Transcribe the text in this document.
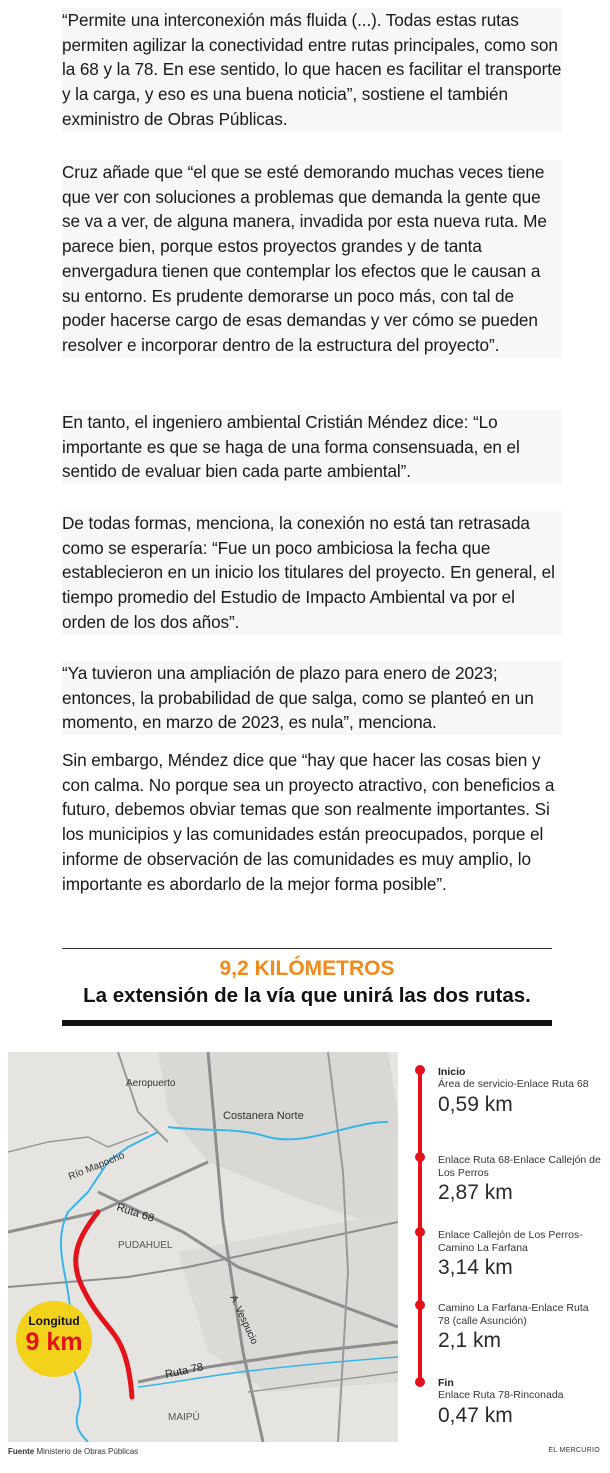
“Permite una interconexión más fluida (...). Todas estas rutas permiten agilizar la conectividad entre rutas principales, como son la 68 y la 78. En ese sentido, lo que hacen es facilitar el transporte y la carga, y eso es una buena noticia”, sostiene el también exministro de Obras Públicas.

Cruz añade que “el que se esté demorando muchas veces tiene que ver con soluciones a problemas que demanda la gente que se va a ver, de alguna manera, invadida por esta nueva ruta. Me parece bien, porque estos proyectos grandes y de tanta envergadura tienen que contemplar los efectos que le causan a su entorno. Es prudente demorarse un poco más, con tal de poder hacerse cargo de esas demandas y ver cómo se pueden resolver e incorporar dentro de la estructura del proyecto”.

En tanto, el ingeniero ambiental Cristián Méndez dice: “Lo importante es que se haga de una forma consensuada, en el sentido de evaluar bien cada parte ambiental”.

De todas formas, menciona, la conexión no está tan retrasada como se esperaría: “Fue un poco ambiciosa la fecha que establecieron en un inicio los titulares del proyecto. En general, el tiempo promedio del Estudio de Impacto Ambiental va por el orden de los dos años”.

“Ya tuvieron una ampliación de plazo para enero de 2023; entonces, la probabilidad de que salga, como se planteó en un momento, en marzo de 2023, es nula”, menciona.

Sin embargo, Méndez dice que “hay que hacer las cosas bien y con calma. No porque sea un proyecto atractivo, con beneficios a futuro, debemos obviar temas que son realmente importantes. Si los municipios y las comunidades están preocupados, porque el informe de observación de las comunidades es muy amplio, lo importante es abordarlo de la mejor forma posible”.

9,2 KILÓMETROS
La extensión de la vía que unirá las dos rutas.
Aeropuerto
Costanera Norte
Río Mapocho
Ruta 68
PUDAHUEL
A. Vespucio
Ruta 78
MAIPÚ
Longitud
9 km
Inicio
Área de servicio-Enlace Ruta 68
0,59 km
Enlace Ruta 68-Enlace Callejón de Los Perros
2,87 km
Enlace Callejón de Los Perros-Camino La Farfana
3,14 km
Camino La Farfana-Enlace Ruta 78 (calle Asunción)
2,1 km
Fin
Enlace Ruta 78-Rinconada
0,47 km
Fuente Ministerio de Obras Públicas	EL MERCURIO
